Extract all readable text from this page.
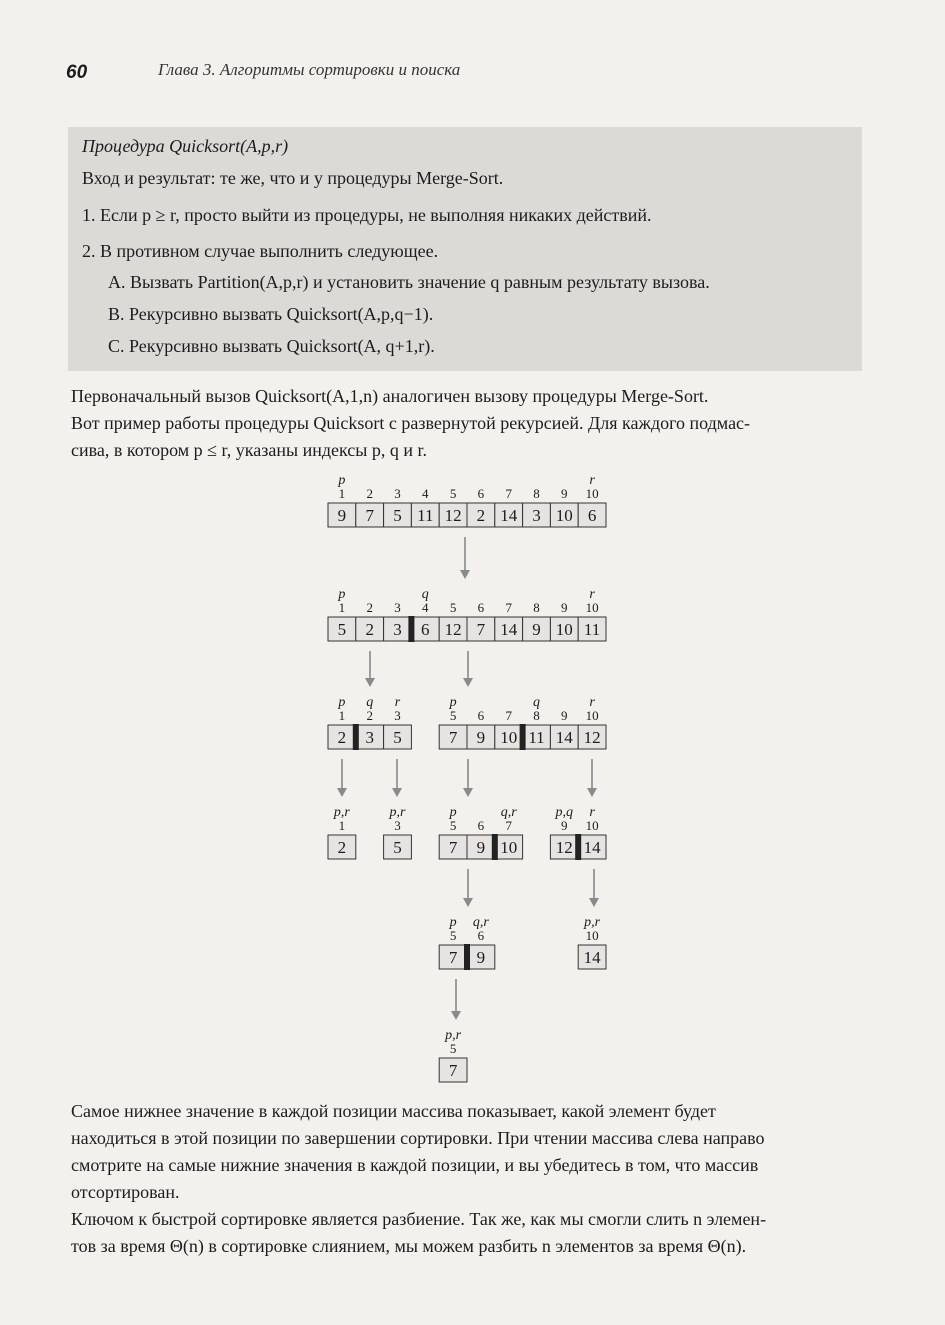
60	Глава 3. Алгоритмы сортировки и поиска
Процедура Quicksort(A,p,r)
Вход и результат: те же, что и у процедуры Merge-Sort.
1. Если p ≥ r, просто выйти из процедуры, не выполняя никаких действий.
2. В противном случае выполнить следующее.
A. Вызвать Partition(A,p,r) и установить значение q равным результату вызова.
B. Рекурсивно вызвать Quicksort(A,p,q−1).
C. Рекурсивно вызвать Quicksort(A, q+1,r).
Первоначальный вызов Quicksort(A,1,n) аналогичен вызову процедуры Merge-Sort.
Вот пример работы процедуры Quicksort с развернутой рекурсией. Для каждого подмас-
сива, в котором p ≤ r, указаны индексы p, q и r.
9
1
7
2
5
3
11
4
12
5
2
6
14
7
3
8
10
9
6
10
p	r
5
1
2
2
3
3
6
4
12
5
7
6
14
7
9
8
10
9
11
10
p	q	r
2
1
3
2
5
3
p q r
7
5
9
6
10
7
11
8
14
9
12
10
p	q	r
2
1
p,r
5
3
p,r
7
5
9
6
10
7
p	q,r
12
9
14
10
p,q r
7
5
9
6
p q,r
14
10
p,r
7
5
p,r
Самое нижнее значение в каждой позиции массива показывает, какой элемент будет
находиться в этой позиции по завершении сортировки. При чтении массива слева направо
смотрите на самые нижние значения в каждой позиции, и вы убедитесь в том, что массив
отсортирован.
Ключом к быстрой сортировке является разбиение. Так же, как мы смогли слить n элемен-
тов за время Θ(n) в сортировке слиянием, мы можем разбить n элементов за время Θ(n).
